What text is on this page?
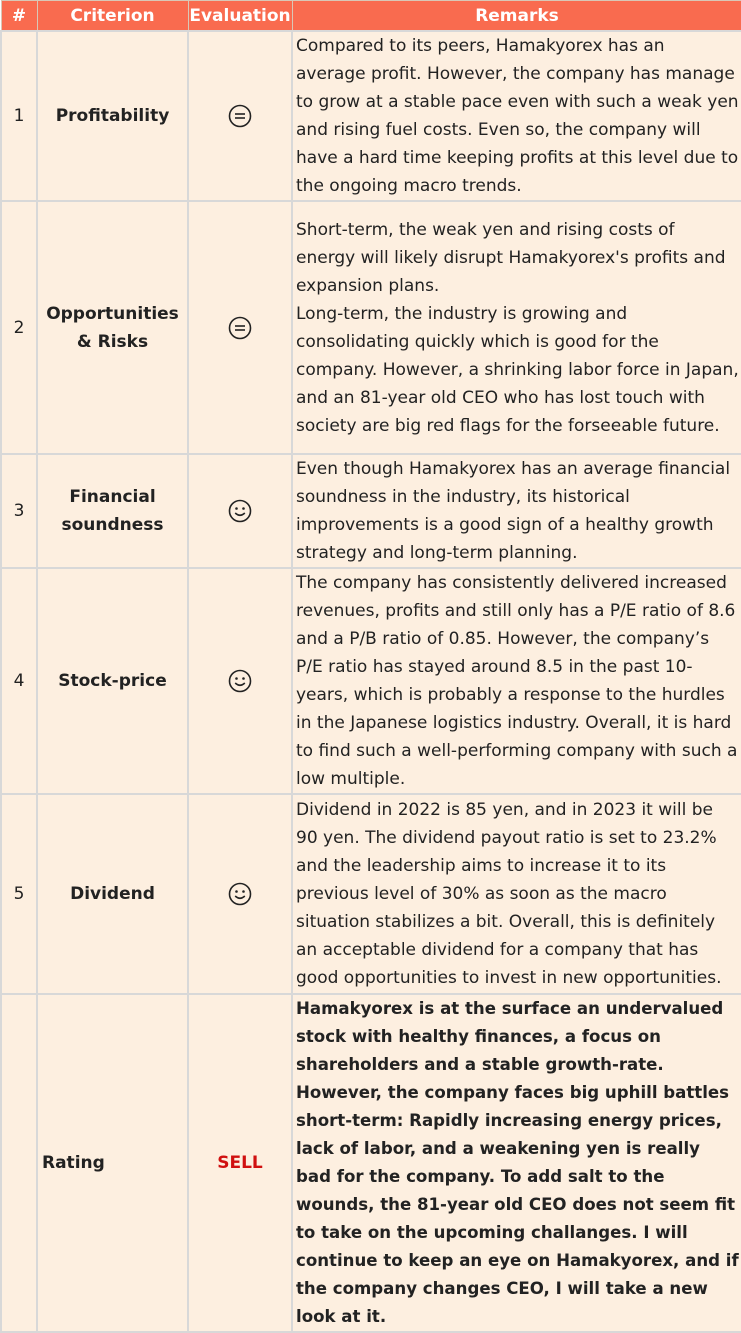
#	Criterion	Evaluation	Remarks
1	Profitability		Compared to its peers, Hamakyorex has an average profit. However, the company has manage to grow at a stable pace even with such a weak yen and rising fuel costs. Even so, the company will have a hard time keeping profits at this level due to the ongoing macro trends.
2	Opportunities & Risks		Short-term, the weak yen and rising costs of energy will likely disrupt Hamakyorex's profits and expansion plans.
Long-term, the industry is growing and consolidating quickly which is good for the company. However, a shrinking labor force in Japan, and an 81-year old CEO who has lost touch with society are big red flags for the forseeable future.
3	Financial soundness		Even though Hamakyorex has an average financial soundness in the industry, its historical improvements is a good sign of a healthy growth strategy and long-term planning.
4	Stock-price		The company has consistently delivered increased revenues, profits and still only has a P/E ratio of 8.6 and a P/B ratio of 0.85. However, the company’s P/E ratio has stayed around 8.5 in the past 10-years, which is probably a response to the hurdles in the Japanese logistics industry. Overall, it is hard to find such a well-performing company with such a low multiple.
5	Dividend		Dividend in 2022 is 85 yen, and in 2023 it will be 90 yen. The dividend payout ratio is set to 23.2% and the leadership aims to increase it to its previous level of 30% as soon as the macro situation stabilizes a bit. Overall, this is definitely an acceptable dividend for a company that has good opportunities to invest in new opportunities.
	Rating	SELL	Hamakyorex is at the surface an undervalued stock with healthy finances, a focus on shareholders and a stable growth-rate. However, the company faces big uphill battles short-term: Rapidly increasing energy prices, lack of labor, and a weakening yen is really bad for the company. To add salt to the wounds, the 81-year old CEO does not seem fit to take on the upcoming challanges. I will continue to keep an eye on Hamakyorex, and if the company changes CEO, I will take a new look at it.
